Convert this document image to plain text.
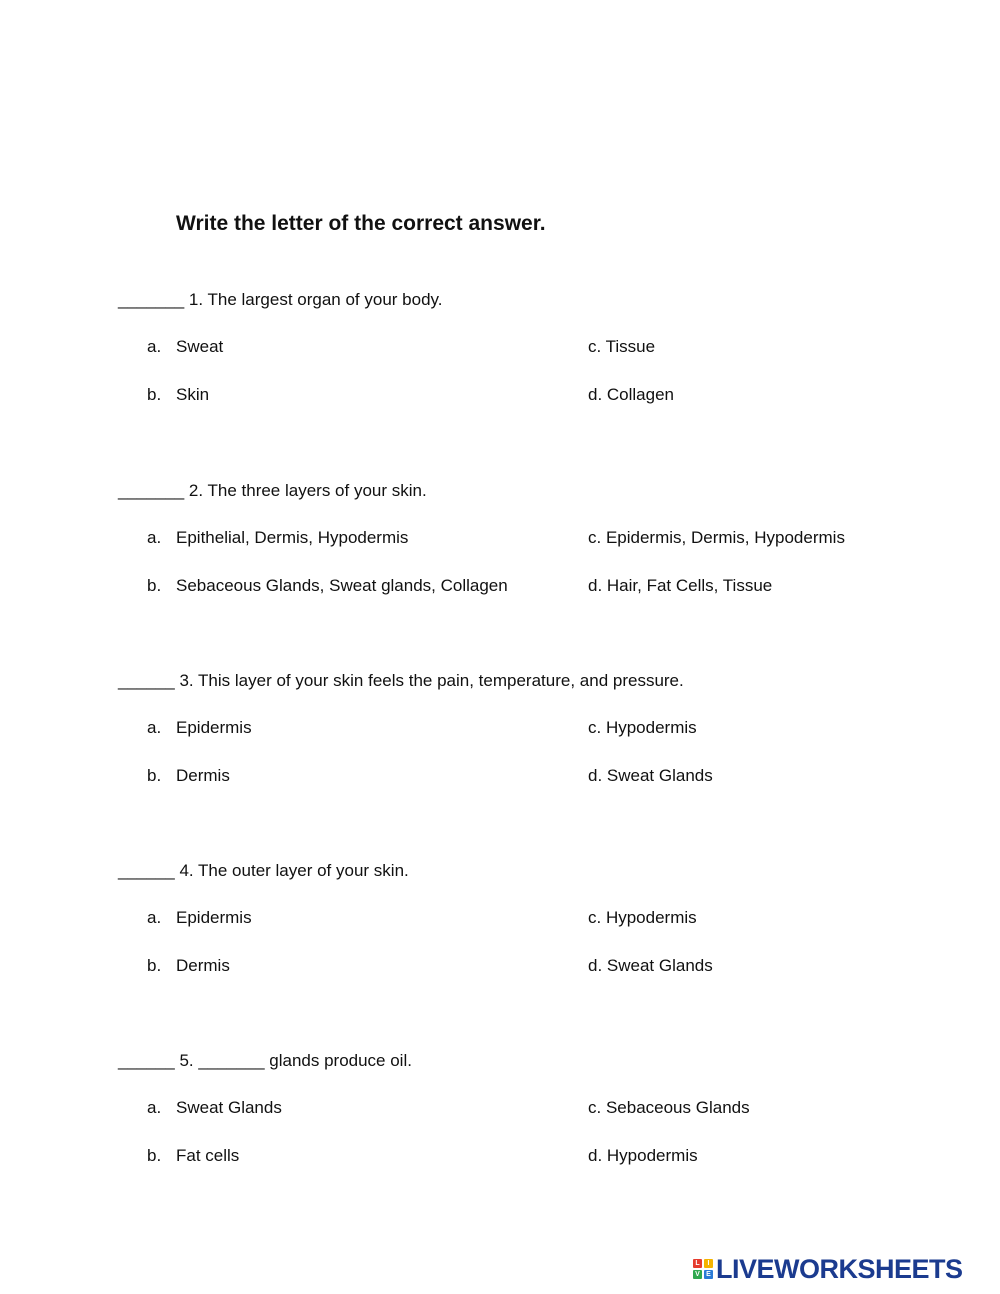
Write the letter of the correct answer.
_______ 1. The largest organ of your body.
a. Sweat
b. Skin
c. Tissue
d. Collagen
_______ 2. The three layers of your skin.
a. Epithelial, Dermis, Hypodermis
b. Sebaceous Glands, Sweat glands, Collagen
c. Epidermis, Dermis, Hypodermis
d. Hair, Fat Cells, Tissue
______ 3. This layer of your skin feels the pain, temperature, and pressure.
a. Epidermis
b. Dermis
c. Hypodermis
d. Sweat Glands
______ 4. The outer layer of your skin.
a. Epidermis
b. Dermis
c. Hypodermis
d. Sweat Glands
______ 5. _______ glands produce oil.
a. Sweat Glands
b. Fat cells
c. Sebaceous Glands
d. Hypodermis
L	I
V E LIVEWORKSHEETS
